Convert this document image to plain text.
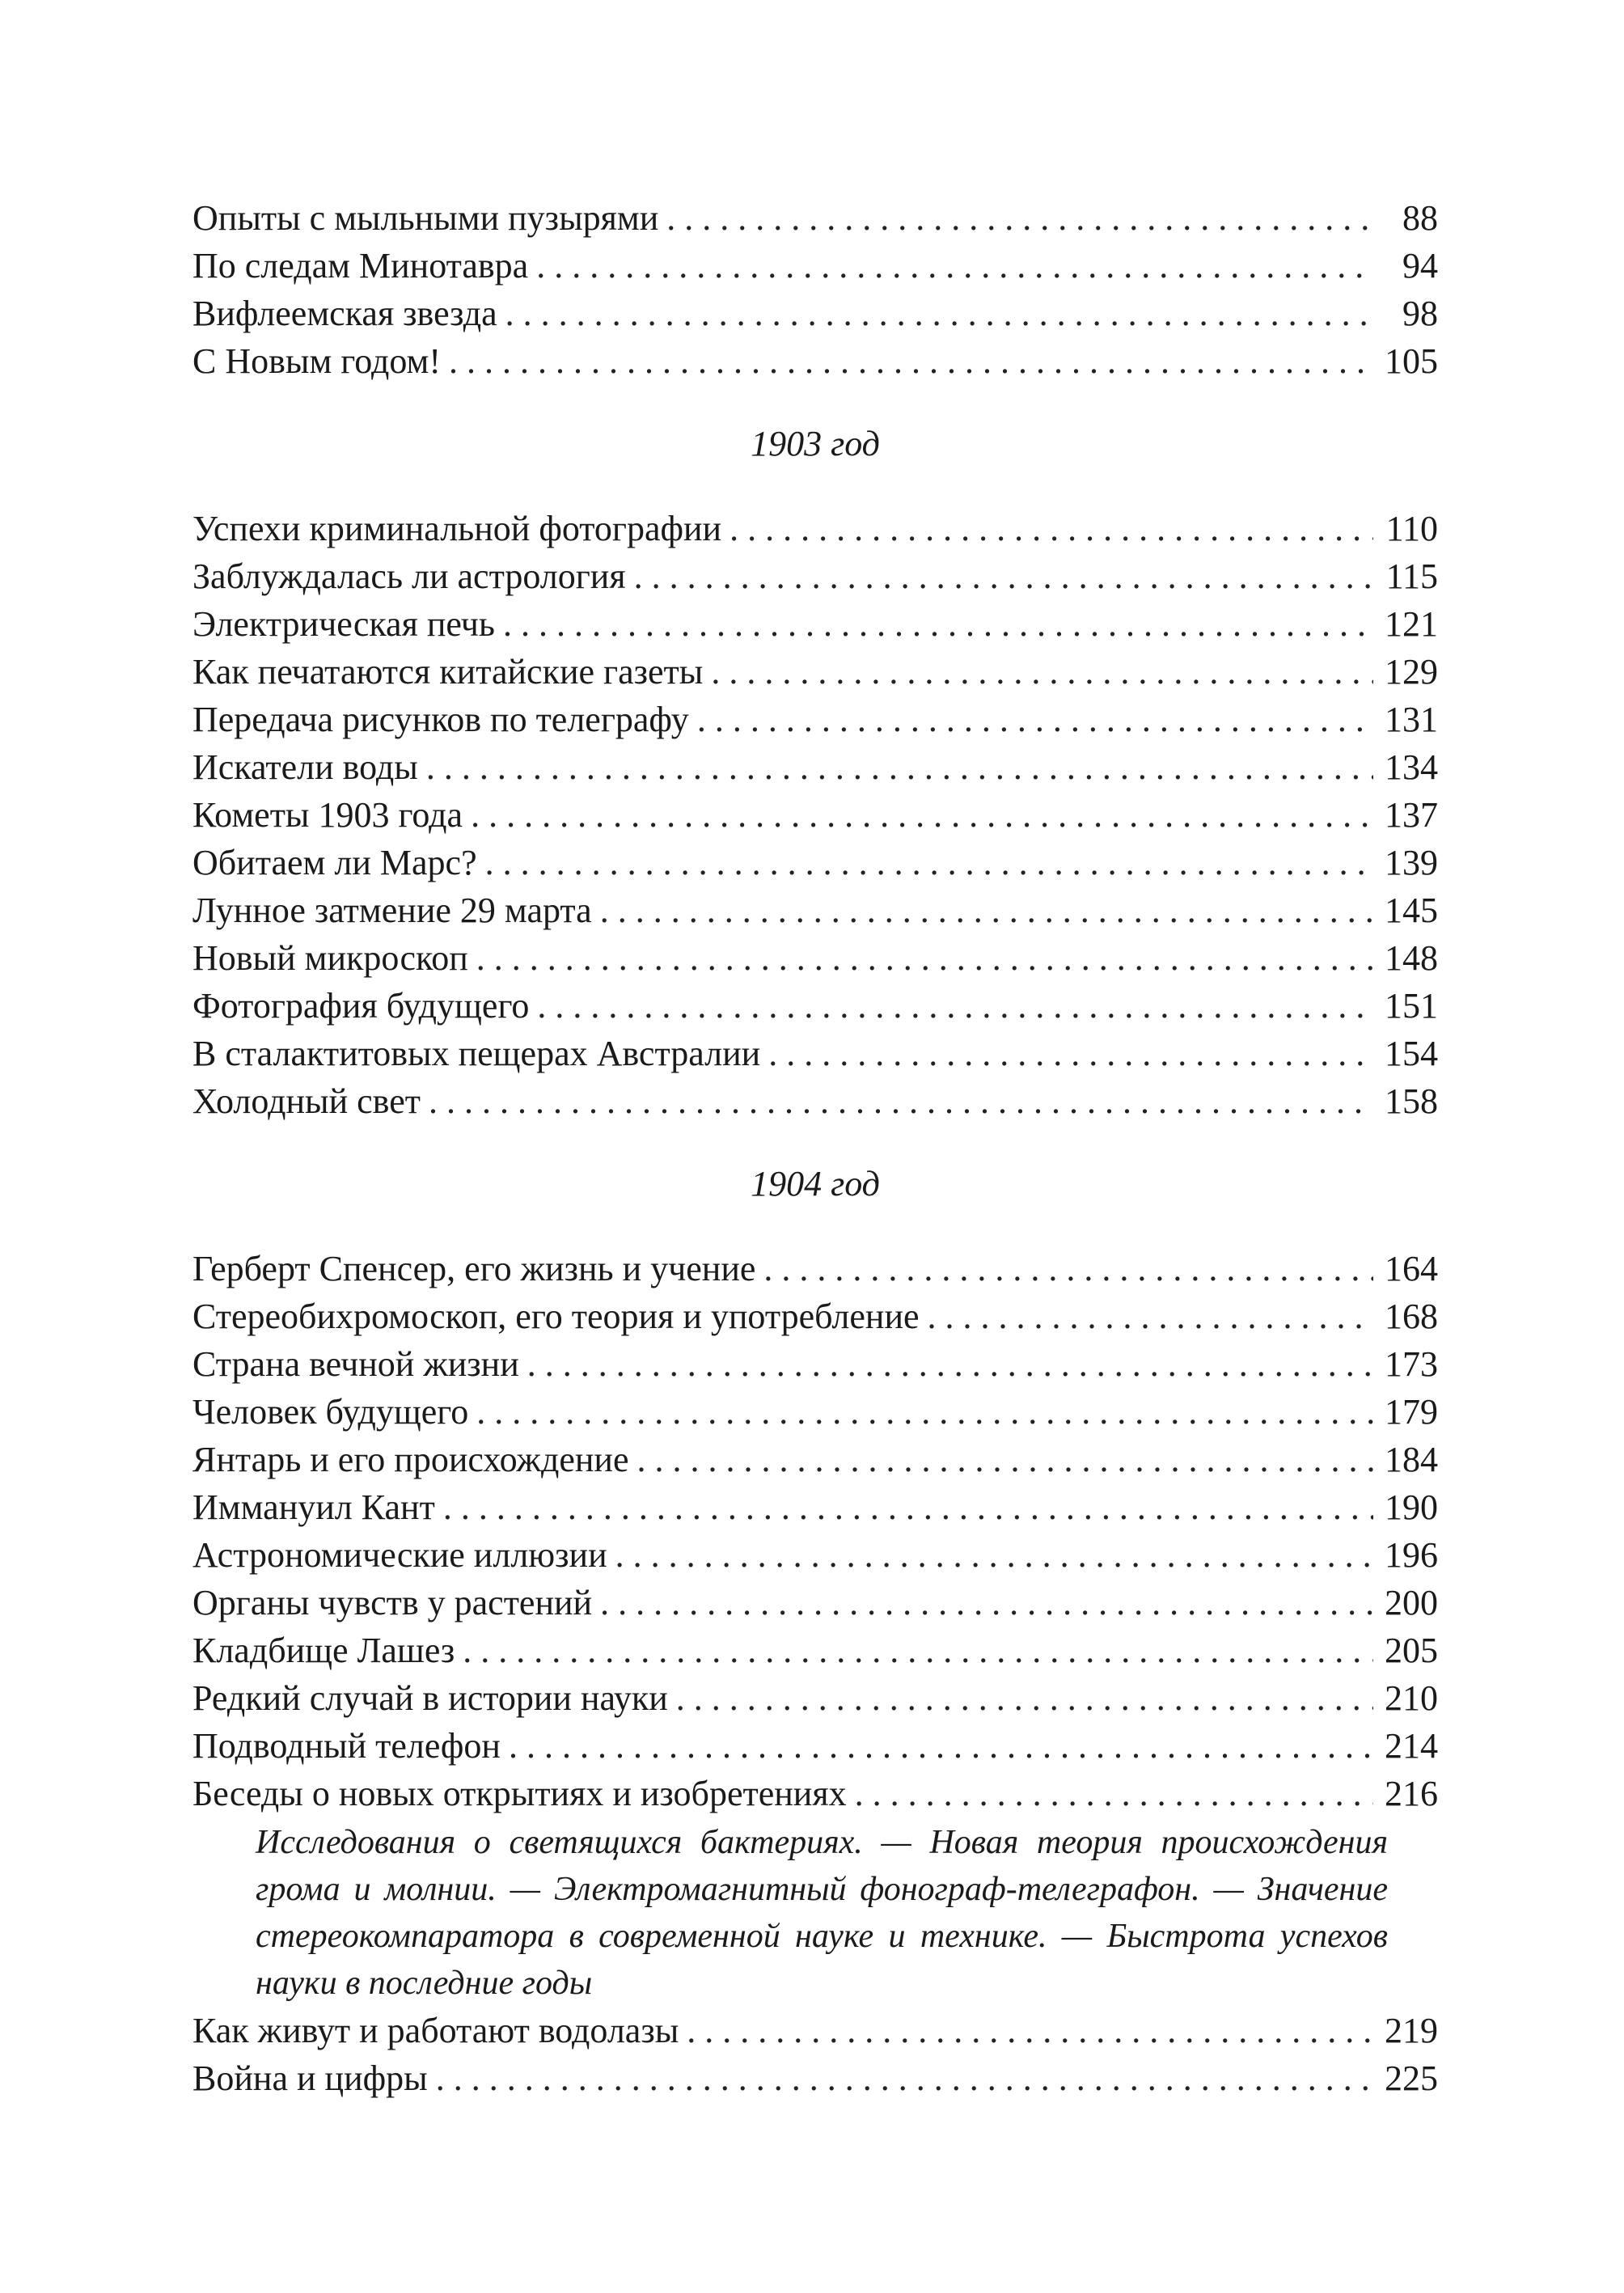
Опыты с мыльными пузырями . . .	88
По следам Минотавра . . .	94
Вифлеемская звезда . . .	98
С Новым годом! . . .	105
1903 год
Успехи криминальной фотографии . . .	110
Заблуждалась ли астрология . . .	115
Электрическая печь . . .	121
Как печатаются китайские газеты . . .	129
Передача рисунков по телеграфу . . .	131
Искатели воды . . .	134
Кометы 1903 года . . .	137
Обитаем ли Марс? . . .	139
Лунное затмение 29 марта . . .	145
Новый микроскоп . . .	148
Фотография будущего . . .	151
В сталактитовых пещерах Австралии . . .	154
Холодный свет . . .	158
1904 год
Герберт Спенсер, его жизнь и учение . . .	164
Стереобихромоскоп, его теория и употребление . . .	168
Страна вечной жизни . . .	173
Человек будущего . . .	179
Янтарь и его происхождение . . .	184
Иммануил Кант . . .	190
Астрономические иллюзии . . .	196
Органы чувств у растений . . .	200
Кладбище Лашез . . .	205
Редкий случай в истории науки . . .	210
Подводный телефон . . .	214
Беседы о новых открытиях и изобретениях . . .	216
Исследования о светящихся бактериях. — Новая теория происхождения грома и молнии. — Электромагнитный фонограф-телеграфон. — Значение стереокомпаратора в современной науке и технике. — Быстрота успехов науки в последние годы
Как живут и работают водолазы . . .	219
Война и цифры . . .	225
